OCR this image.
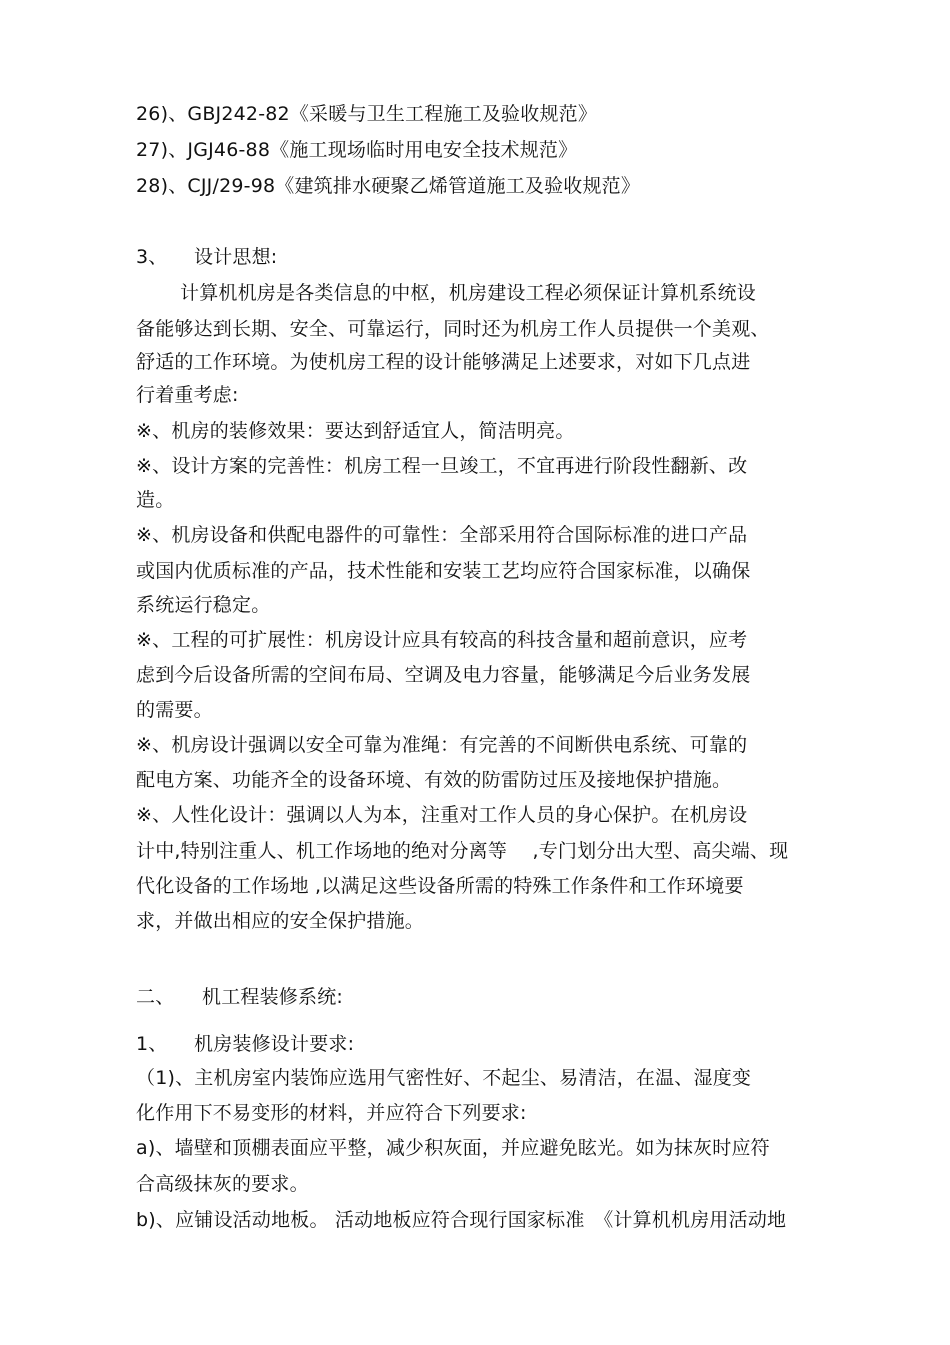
26)、GBJ242-82《采暖与卫生工程施工及验收规范》
27)、JGJ46-88《施工现场临时用电安全技术规范》
28)、CJJ/29-98《建筑排水硬聚乙烯管道施工及验收规范》
3、 设计思想:
计算机机房是各类信息的中枢，机房建设工程必须保证计算机系统设
备能够达到长期、安全、可靠运行，同时还为机房工作人员提供一个美观、
舒适的工作环境。为使机房工程的设计能够满足上述要求，对如下几点进
行着重考虑:
※、机房的装修效果：要达到舒适宜人，简洁明亮。
※、设计方案的完善性：机房工程一旦竣工，不宜再进行阶段性翻新、改
造。
※、机房设备和供配电器件的可靠性：全部采用符合国际标准的进口产品
或国内优质标准的产品，技术性能和安装工艺均应符合国家标准，以确保
系统运行稳定。
※、工程的可扩展性：机房设计应具有较高的科技含量和超前意识，应考
虑到今后设备所需的空间布局、空调及电力容量，能够满足今后业务发展
的需要。
※、机房设计强调以安全可靠为准绳：有完善的不间断供电系统、可靠的
配电方案、功能齐全的设备环境、有效的防雷防过压及接地保护措施。
※、人性化设计：强调以人为本，注重对工作人员的身心保护。在机房设
计中,特别注重人、机工作场地的绝对分离等　 ,专门划分出大型、高尖端、现
代化设备的工作场地 ,以满足这些设备所需的特殊工作条件和工作环境要
求，并做出相应的安全保护措施。
二、 机工程装修系统:
1、 机房装修设计要求:
（1)、主机房室内装饰应选用气密性好、不起尘、易清洁，在温、湿度变
化作用下不易变形的材料，并应符合下列要求:
a)、墙壁和顶棚表面应平整，减少积灰面，并应避免眩光。如为抹灰时应符
合高级抹灰的要求。
b)、应铺设活动地板。 活动地板应符合现行国家标准　《计算机机房用活动地
